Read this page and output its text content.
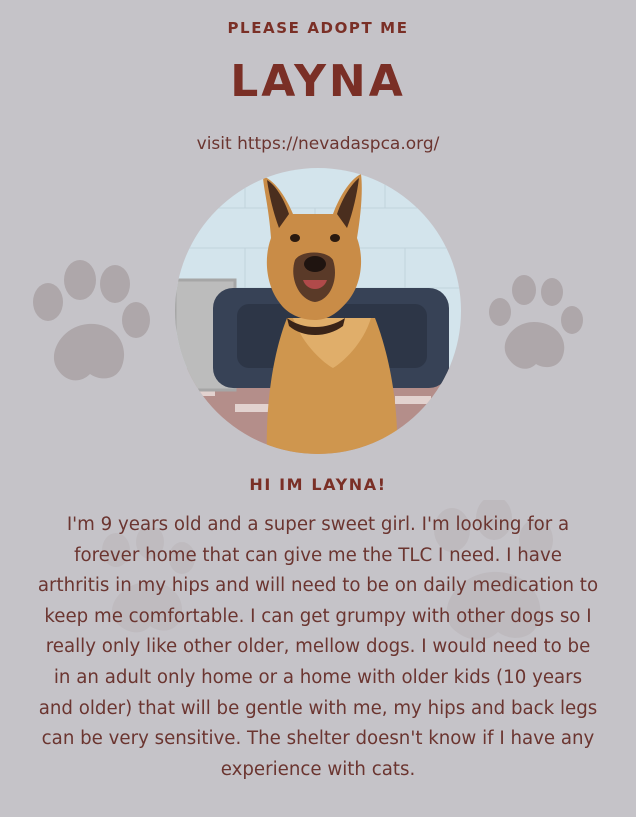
PLEASE ADOPT ME
LAYNA
visit https://nevadaspca.org/
HI IM LAYNA!
I'm 9 years old and a super sweet girl. I'm looking for a forever home that can give me the TLC I need. I have arthritis in my hips and will need to be on daily medication to keep me comfortable. I can get grumpy with other dogs so I really only like other older, mellow dogs. I would need to be in an adult only home or a home with older kids (10 years and older) that will be gentle with me, my hips and back legs can be very sensitive. The shelter doesn't know if I have any experience with cats.
